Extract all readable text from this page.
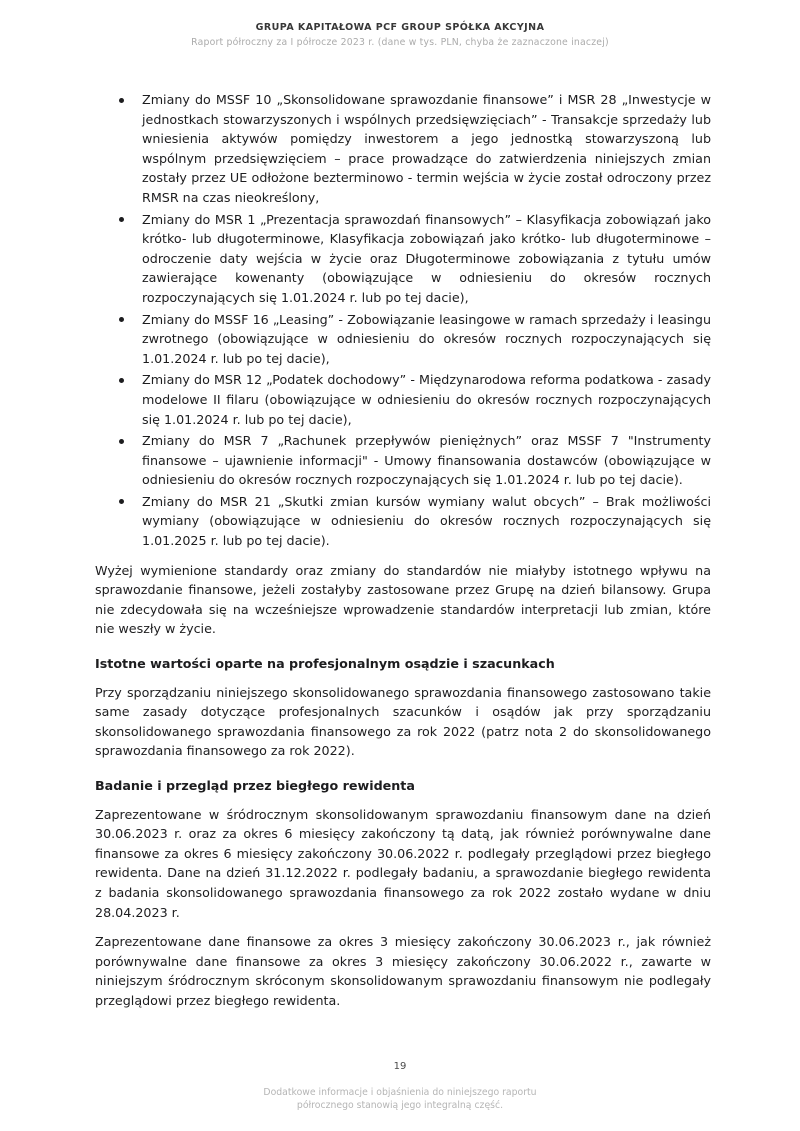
GRUPA KAPITAŁOWA PCF GROUP SPÓŁKA AKCYJNA
Raport półroczny za I półrocze 2023 r. (dane w tys. PLN, chyba że zaznaczone inaczej)
Zmiany do MSSF 10 „Skonsolidowane sprawozdanie finansowe” i MSR 28 „Inwestycje w jednostkach stowarzyszonych i wspólnych przedsięwzięciach” - Transakcje sprzedaży lub wniesienia aktywów pomiędzy inwestorem a jego jednostką stowarzyszoną lub wspólnym przedsięwzięciem – prace prowadzące do zatwierdzenia niniejszych zmian zostały przez UE odłożone bezterminowo - termin wejścia w życie został odroczony przez RMSR na czas nieokreślony,
Zmiany do MSR 1 „Prezentacja sprawozdań finansowych” – Klasyfikacja zobowiązań jako krótko- lub długoterminowe, Klasyfikacja zobowiązań jako krótko- lub długoterminowe – odroczenie daty wejścia w życie oraz Długoterminowe zobowiązania z tytułu umów zawierające kowenanty (obowiązujące w odniesieniu do okresów rocznych rozpoczynających się 1.01.2024 r. lub po tej dacie),
Zmiany do MSSF 16 „Leasing” - Zobowiązanie leasingowe w ramach sprzedaży i leasingu zwrotnego (obowiązujące w odniesieniu do okresów rocznych rozpoczynających się 1.01.2024 r. lub po tej dacie),
Zmiany do MSR 12 „Podatek dochodowy” - Międzynarodowa reforma podatkowa - zasady modelowe II filaru (obowiązujące w odniesieniu do okresów rocznych rozpoczynających się 1.01.2024 r. lub po tej dacie),
Zmiany do MSR 7 „Rachunek przepływów pieniężnych” oraz MSSF 7 "Instrumenty finansowe – ujawnienie informacji" - Umowy finansowania dostawców (obowiązujące w odniesieniu do okresów rocznych rozpoczynających się 1.01.2024 r. lub po tej dacie).
Zmiany do MSR 21 „Skutki zmian kursów wymiany walut obcych” – Brak możliwości wymiany (obowiązujące w odniesieniu do okresów rocznych rozpoczynających się 1.01.2025 r. lub po tej dacie).

Wyżej wymienione standardy oraz zmiany do standardów nie miałyby istotnego wpływu na sprawozdanie finansowe, jeżeli zostałyby zastosowane przez Grupę na dzień bilansowy. Grupa nie zdecydowała się na wcześniejsze wprowadzenie standardów interpretacji lub zmian, które nie weszły w życie.

Istotne wartości oparte na profesjonalnym osądzie i szacunkach

Przy sporządzaniu niniejszego skonsolidowanego sprawozdania finansowego zastosowano takie same zasady dotyczące profesjonalnych szacunków i osądów jak przy sporządzaniu skonsolidowanego sprawozdania finansowego za rok 2022 (patrz nota 2 do skonsolidowanego sprawozdania finansowego za rok 2022).

Badanie i przegląd przez biegłego rewidenta

Zaprezentowane w śródrocznym skonsolidowanym sprawozdaniu finansowym dane na dzień 30.06.2023 r. oraz za okres 6 miesięcy zakończony tą datą, jak również porównywalne dane finansowe za okres 6 miesięcy zakończony 30.06.2022 r. podlegały przeglądowi przez biegłego rewidenta. Dane na dzień 31.12.2022 r. podlegały badaniu, a sprawozdanie biegłego rewidenta z badania skonsolidowanego sprawozdania finansowego za rok 2022 zostało wydane w dniu 28.04.2023 r.

Zaprezentowane dane finansowe za okres 3 miesięcy zakończony 30.06.2023 r., jak również porównywalne dane finansowe za okres 3 miesięcy zakończony 30.06.2022 r., zawarte w niniejszym śródrocznym skróconym skonsolidowanym sprawozdaniu finansowym nie podlegały przeglądowi przez biegłego rewidenta.

19
Dodatkowe informacje i objaśnienia do niniejszego raportu półrocznego stanowią jego integralną część.
